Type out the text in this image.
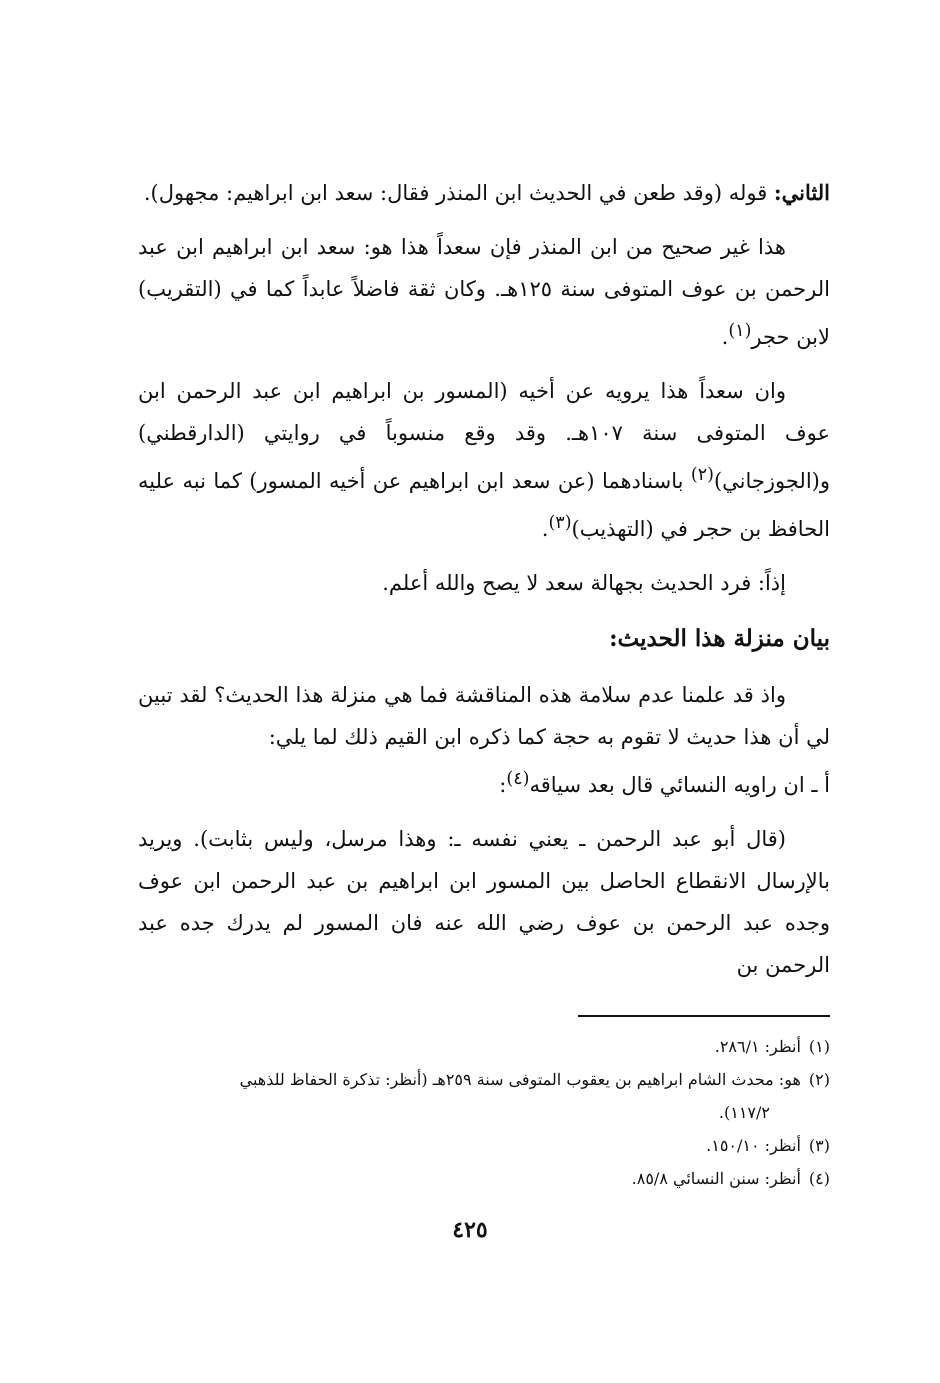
الثاني: قوله (وقد طعن في الحديث ابن المنذر فقال: سعد ابن ابراهيم: مجهول).

هذا غير صحيح من ابن المنذر فإن سعداً هذا هو: سعد ابن ابراهيم ابن عبد الرحمن بن عوف المتوفى سنة ١٢٥هـ. وكان ثقة فاضلاً عابداً كما في (التقريب) لابن حجر$^{(١)}$.

وان سعداً هذا يرويه عن أخيه (المسور بن ابراهيم ابن عبد الرحمن ابن عوف المتوفى سنة ١٠٧هـ. وقد وقع منسوباً في روايتي (الدارقطني) و(الجوزجاني)$^{(٢)}$ باسنادهما (عن سعد ابن ابراهيم عن أخيه المسور) كما نبه عليه الحافظ بن حجر في (التهذيب)$^{(٣)}$.

إذاً: فرد الحديث بجهالة سعد لا يصح والله أعلم.

بيان منزلة هذا الحديث:

واذ قد علمنا عدم سلامة هذه المناقشة فما هي منزلة هذا الحديث؟ لقد تبين لي أن هذا حديث لا تقوم به حجة كما ذكره ابن القيم ذلك لما يلي:

أ ـ ان راويه النسائي قال بعد سياقه$^{(٤)}$:

(قال أبو عبد الرحمن ـ يعني نفسه ـ: وهذا مرسل، وليس بثابت). ويريد بالإرسال الانقطاع الحاصل بين المسور ابن ابراهيم بن عبد الرحمن ابن عوف وجده عبد الرحمن بن عوف رضي الله عنه فان المسور لم يدرك جده عبد الرحمن بن

(١)أنظر: ٢٨٦/١.

(٢)هو: محدث الشام ابراهيم بن يعقوب المتوفى سنة ٢٥٩هـ (أنظر: تذكرة الحفاظ للذهبي

١١٧/٢).

(٣)أنظر: ١٥٠/١٠.

(٤)أنظر: سنن النسائي ٨٥/٨.

٤٢٥
